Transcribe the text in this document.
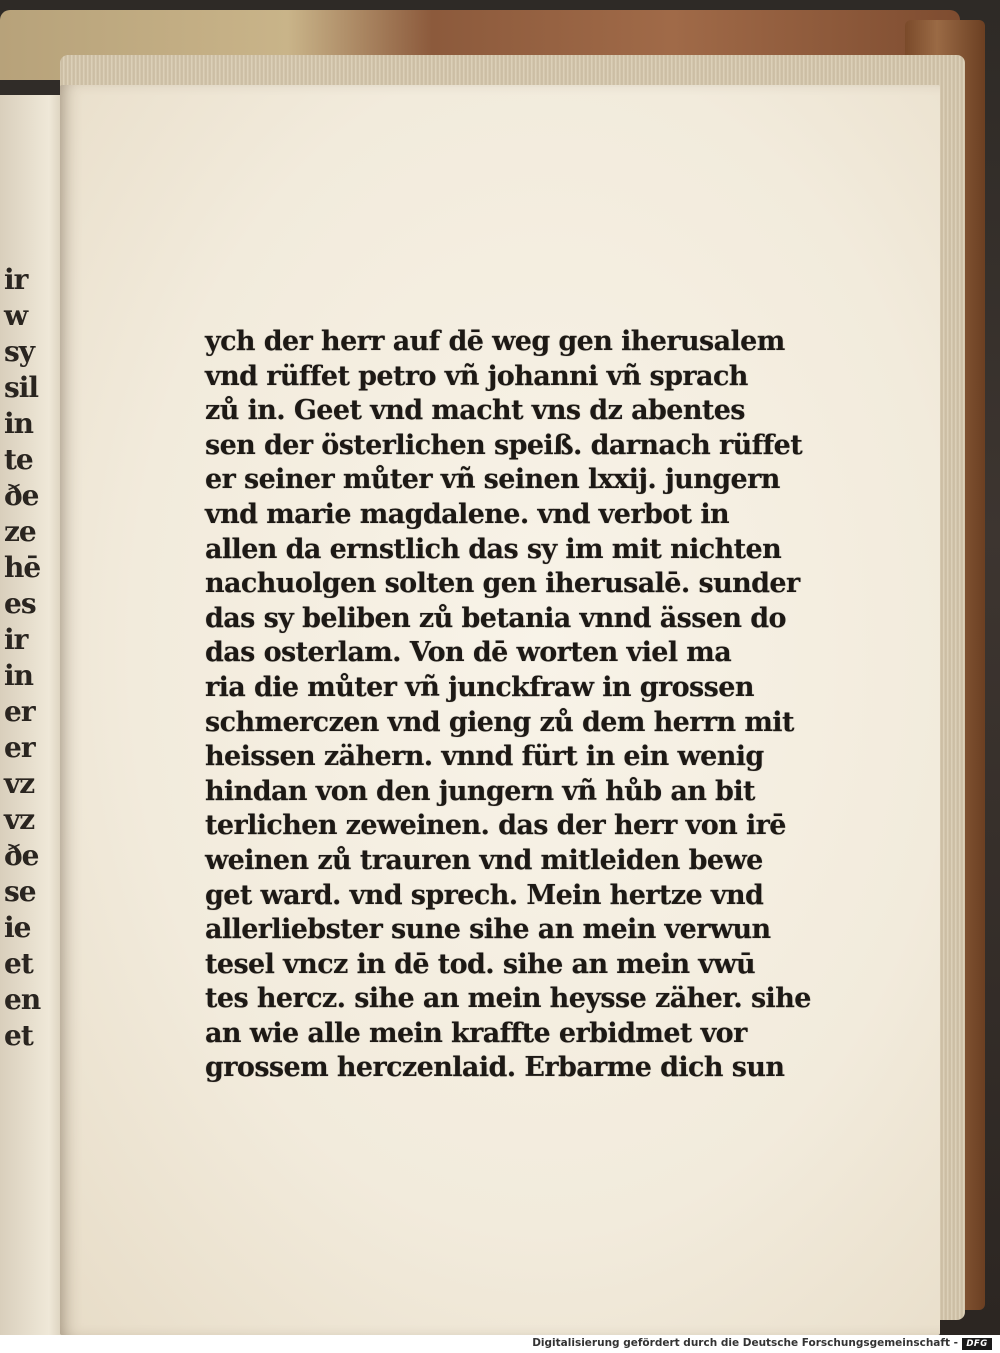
ir
w
sy
sil
in
te
ðe
ze
hē
es
ir
in
er
er
vz
vz
ðe
se
ie
et
en
et
ych der herr auf dē weg gen iherusalem
vnd rüffet petro vñ johanni vñ sprach
zů in. Geet vnd macht vns dz abentes
sen der österlichen speiß. darnach rüffet
er seiner můter vñ seinen lxxij. jungern
vnd marie magdalene. vnd verbot in
allen da ernstlich das sy im mit nichten
nachuolgen solten gen iherusalē. sunder
das sy beliben zů betania vnnd ässen do
das osterlam. Von dē worten viel ma
ria die můter vñ junckfraw in grossen
schmerczen vnd gieng zů dem herrn mit
heissen zähern. vnnd fürt in ein wenig
hindan von den jungern vñ hůb an bit
terlichen zeweinen. das der herr von irē
weinen zů trauren vnd mitleiden bewe
get ward. vnd sprech. Mein hertze vnd
allerliebster sune sihe an mein verwun
tesel vncz in dē tod. sihe an mein vwū
tes hercz. sihe an mein heysse zäher. sihe
an wie alle mein kraffte erbidmet vor
grossem herczenlaid. Erbarme dich sun
Digitalisierung gefördert durch die Deutsche Forschungsgemeinschaft - DFG
